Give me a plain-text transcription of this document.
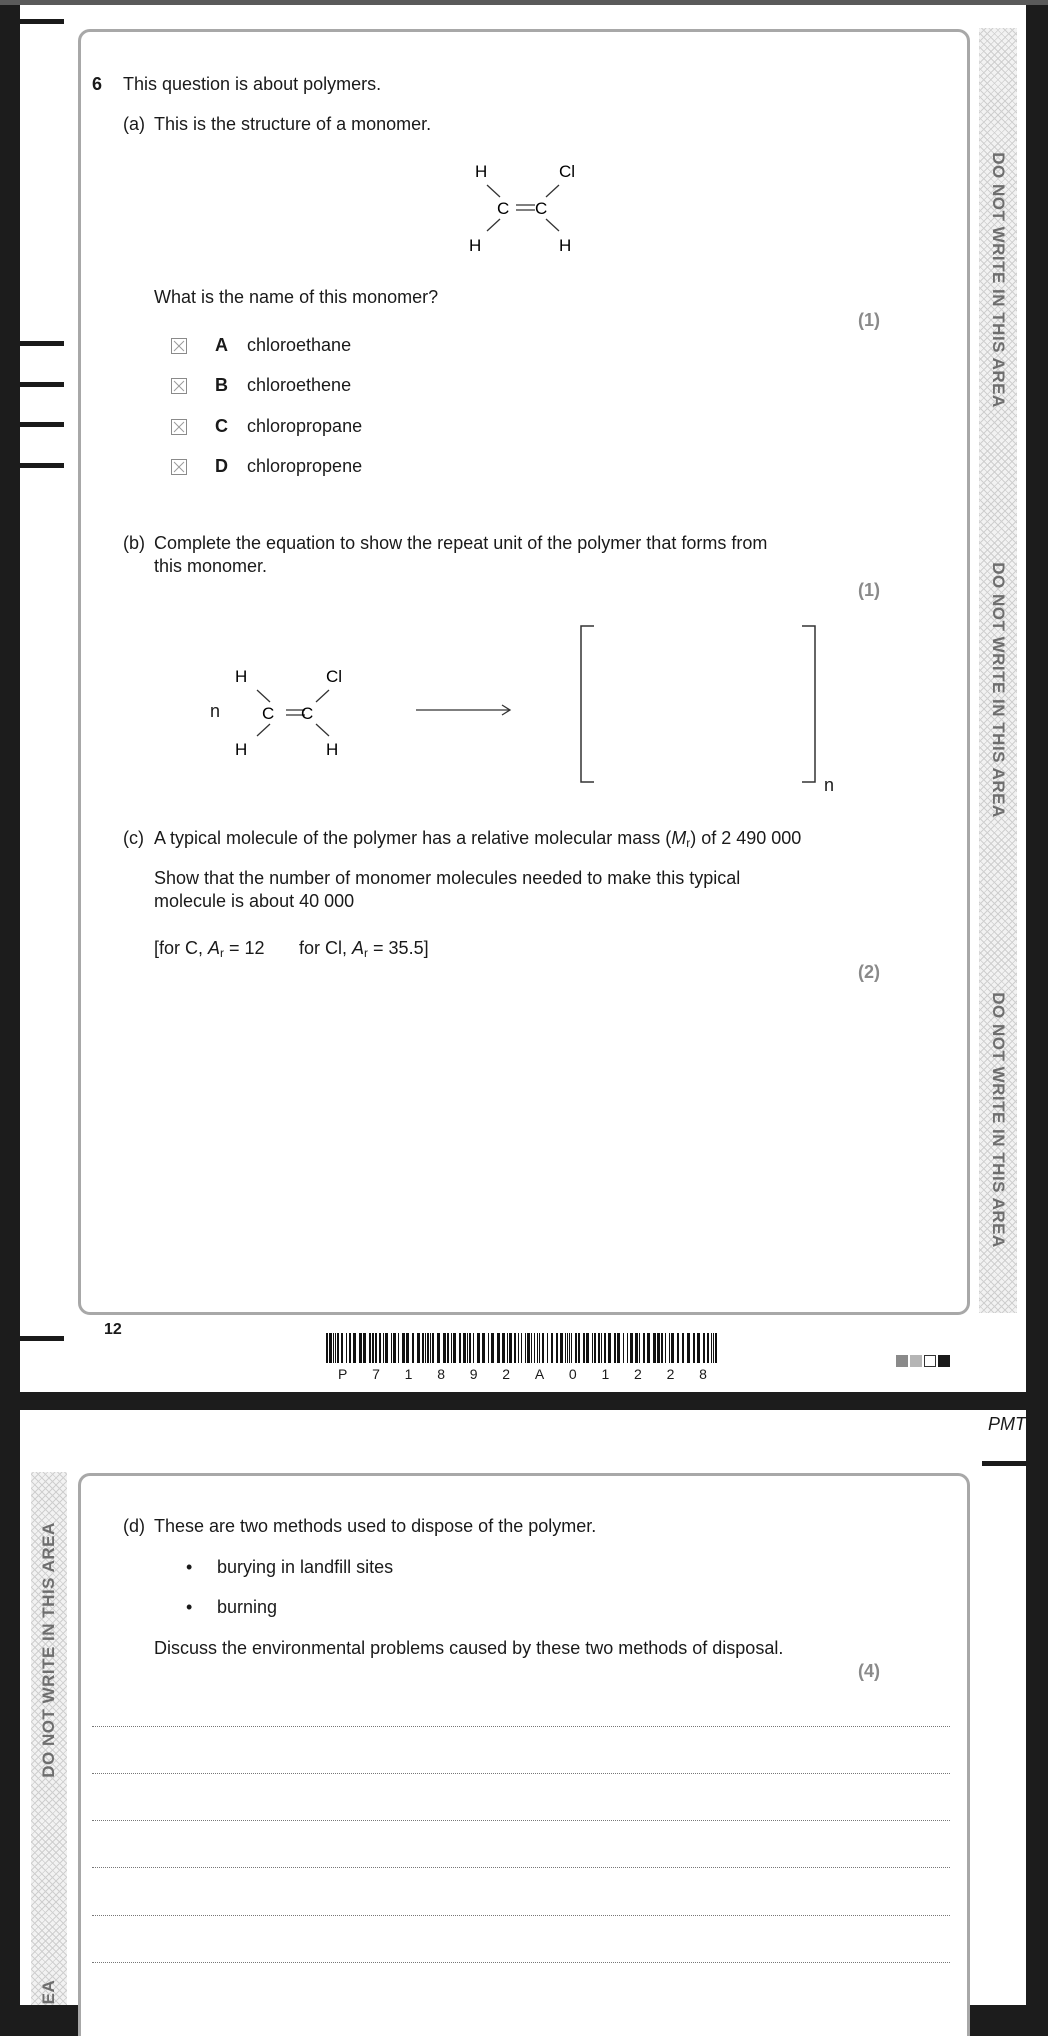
DO NOT WRITE IN THIS AREA
DO NOT WRITE IN THIS AREA
DO NOT WRITE IN THIS AREA
6 This question is about polymers.
(a) This is the structure of a monomer.
H	Cl
C C
H	H
What is the name of this monomer?
(1)
A chloroethane
B chloroethene
C chloropropane
D chloropropene
(b) Complete the equation to show the repeat unit of the polymer that forms from
this monomer.
(1)
n
H	Cl
C C
H	H
n
(c) A typical molecule of the polymer has a relative molecular mass $(M_r)$ of 2 490 000
Show that the number of monomer molecules needed to make this typical
molecule is about 40 000
[for C, $A_r = 12$ for Cl, $A_r = 35.5$]
(2)
12
P 7 1 8 9 2 A 0 1 2 2 8
PMT
DO NOT WRITE IN THIS AREA
EA
(d) These are two methods used to dispose of the polymer.
• burying in landfill sites
• burning
Discuss the environmental problems caused by these two methods of disposal.
(4)
